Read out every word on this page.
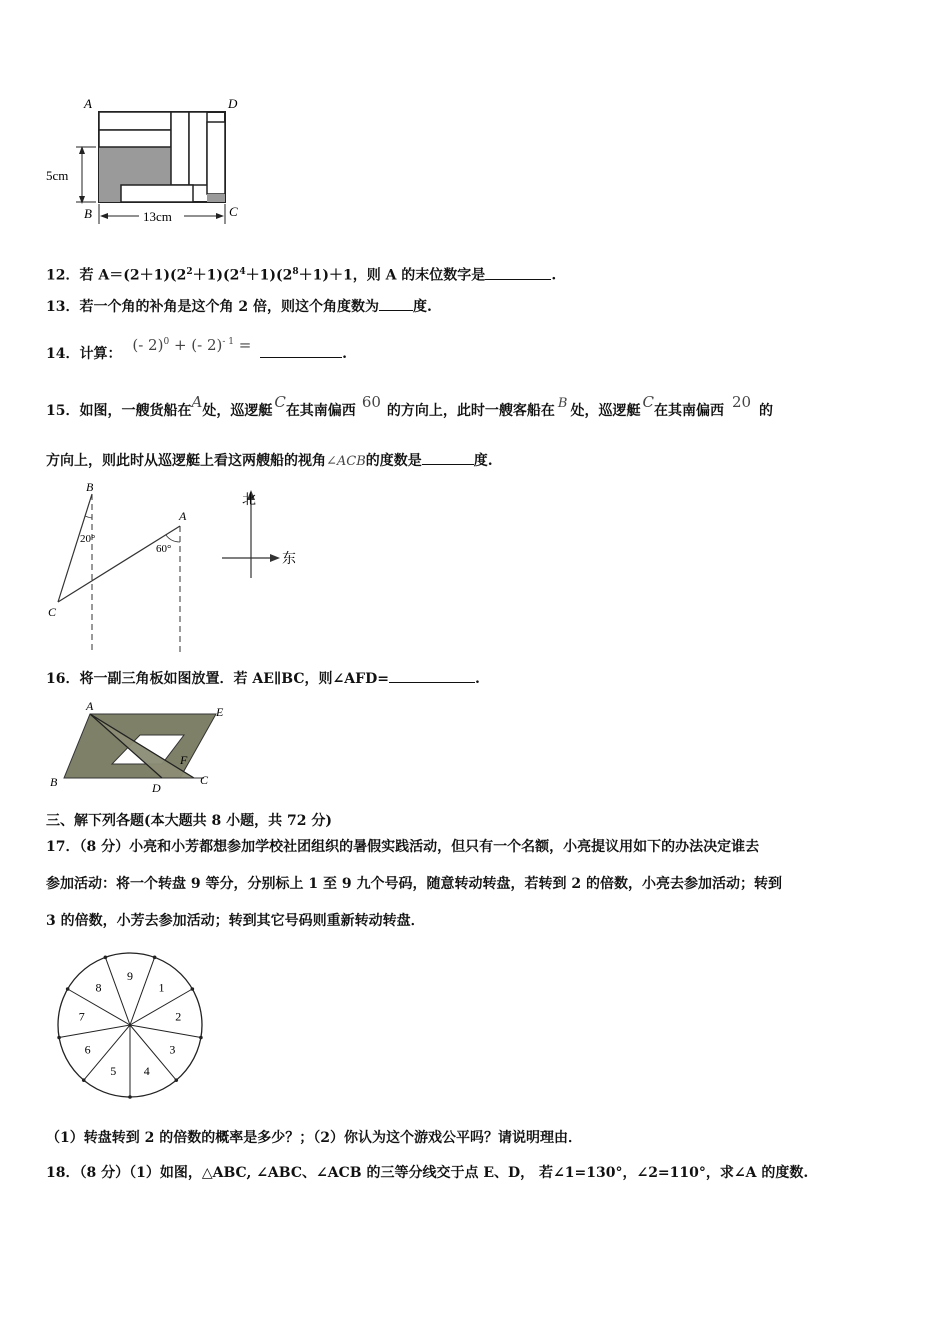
A	D
B	C
5cm
13cm
12．若 $A=(2+1)(2^2+1)(2^4+1)(2^8+1)+1$，则 A 的末位数字是	.
13．若一个角的补角是这个角 2 倍，则这个角度数为 度.
14．计算： (- 2)$^0$ + (- 2)$^{- 1}$ =	.
15．如图，一艘货船在A处，巡逻艇 C在其南偏西 60 的方向上，此时一艘客船在 B 处，巡逻艇 C在其南偏西 20 的
方向上，则此时从巡逻艇上看这两艘船的视角∠ACB的度数是	度.
B
A
C
20°
60°
北
东
16．将一副三角板如图放置．若 AE∥BC，则∠AFD=	.
A	E
B	D
F
C
三、解下列各题(本大题共 8 小题，共 72 分)
17．（8 分）小亮和小芳都想参加学校社团组织的暑假实践活动，但只有一个名额，小亮提议用如下的办法决定谁去
参加活动：将一个转盘 9 等分，分别标上 1 至 9 九个号码，随意转动转盘，若转到 2 的倍数，小亮去参加活动；转到
3 的倍数，小芳去参加活动；转到其它号码则重新转动转盘．
9
1
2
3
4
5
6
7
8
（1）转盘转到 2 的倍数的概率是多少？；（2）你认为这个游戏公平吗？请说明理由．
18．（8 分）（1）如图，△ABC, ∠ABC、∠ACB 的三等分线交于点 E、D， 若∠1=130°，∠2=110°，求∠A 的度数.
